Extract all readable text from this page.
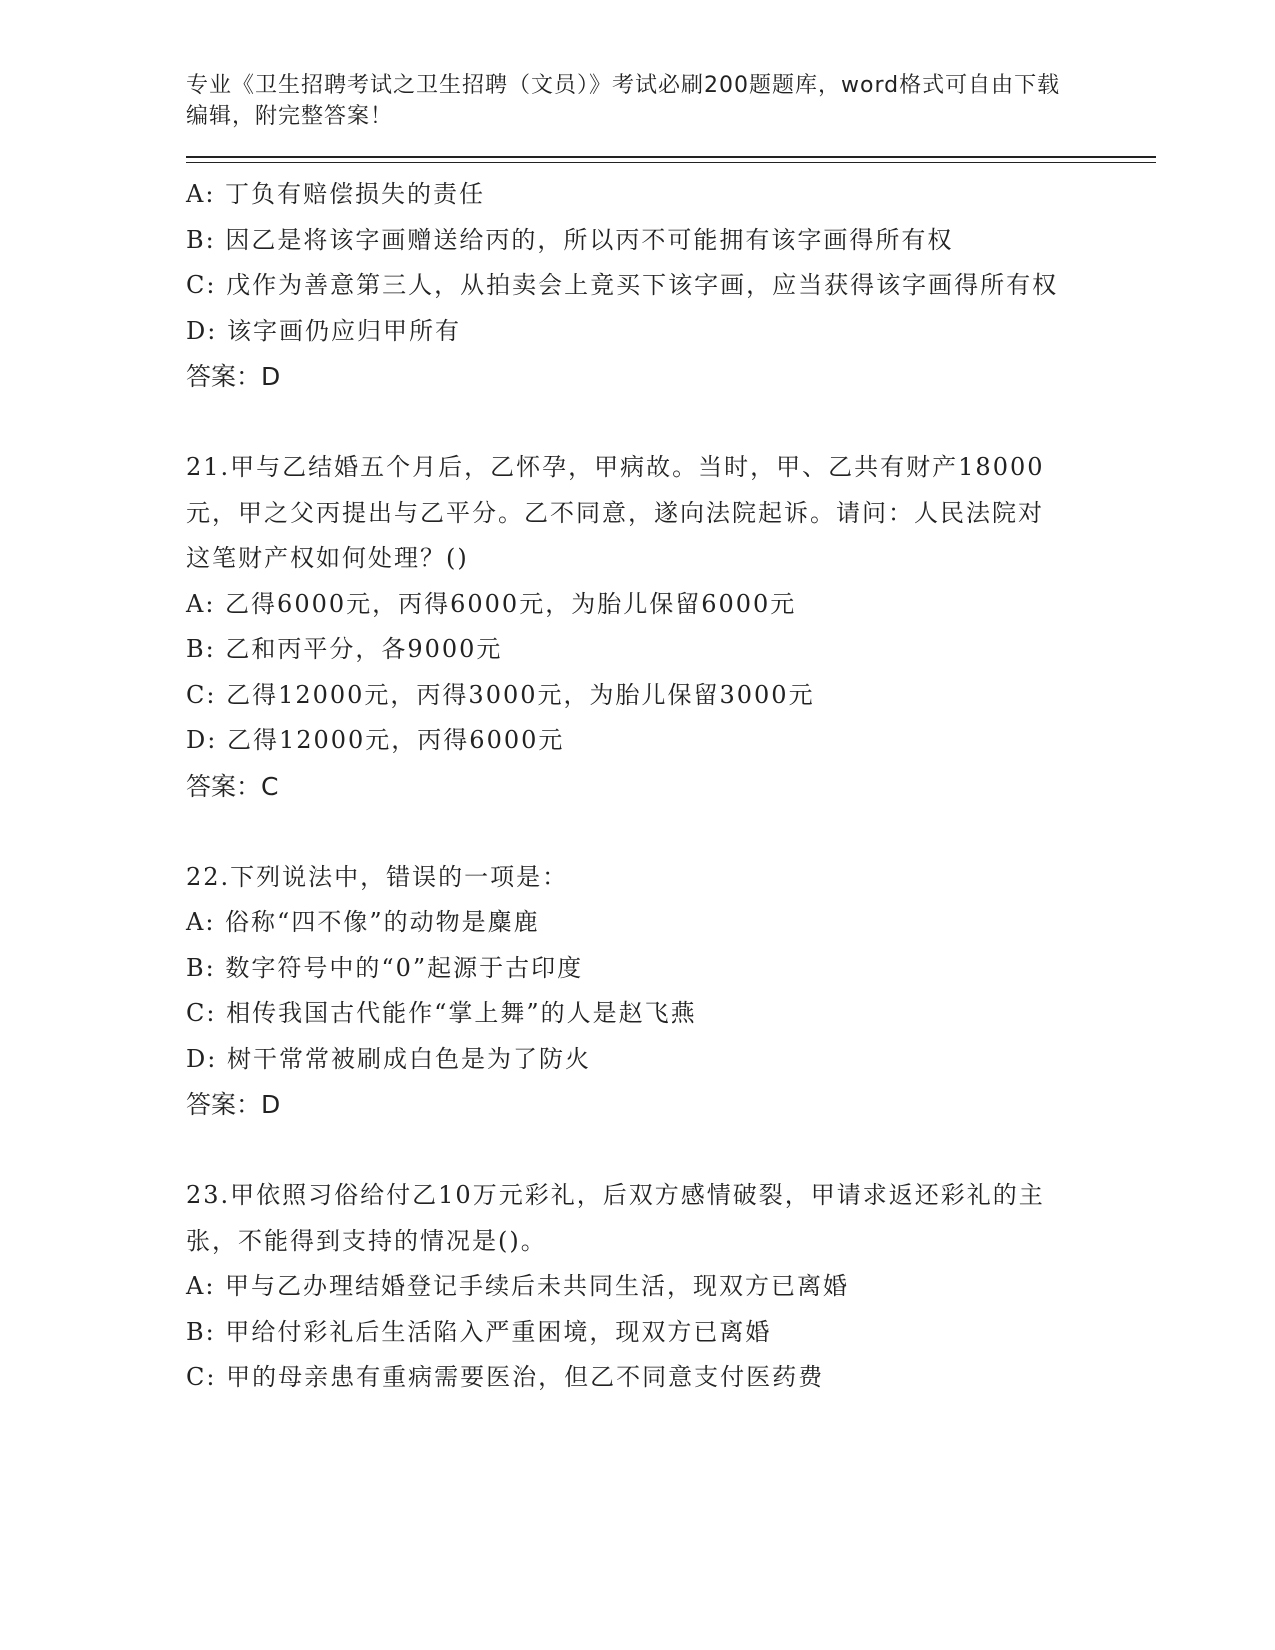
专业《卫生招聘考试之卫生招聘（文员）》考试必刷200题题库，word格式可自由下载编辑，附完整答案！

A: 丁负有赔偿损失的责任

B: 因乙是将该字画赠送给丙的，所以丙不可能拥有该字画得所有权

C: 戊作为善意第三人，从拍卖会上竟买下该字画，应当获得该字画得所有权

D: 该字画仍应归甲所有

答案：D

21.甲与乙结婚五个月后，乙怀孕，甲病故。当时，甲、乙共有财产18000元，甲之父丙提出与乙平分。乙不同意，遂向法院起诉。请问：人民法院对这笔财产权如何处理？()

A: 乙得6000元，丙得6000元，为胎儿保留6000元

B: 乙和丙平分，各9000元

C: 乙得12000元，丙得3000元，为胎儿保留3000元

D: 乙得12000元，丙得6000元

答案：C

22.下列说法中，错误的一项是：

A: 俗称“四不像”的动物是麋鹿

B: 数字符号中的“0”起源于古印度

C: 相传我国古代能作“掌上舞”的人是赵飞燕

D: 树干常常被刷成白色是为了防火

答案：D

23.甲依照习俗给付乙10万元彩礼，后双方感情破裂，甲请求返还彩礼的主张，不能得到支持的情况是()。

A: 甲与乙办理结婚登记手续后未共同生活，现双方已离婚

B: 甲给付彩礼后生活陷入严重困境，现双方已离婚

C: 甲的母亲患有重病需要医治，但乙不同意支付医药费
